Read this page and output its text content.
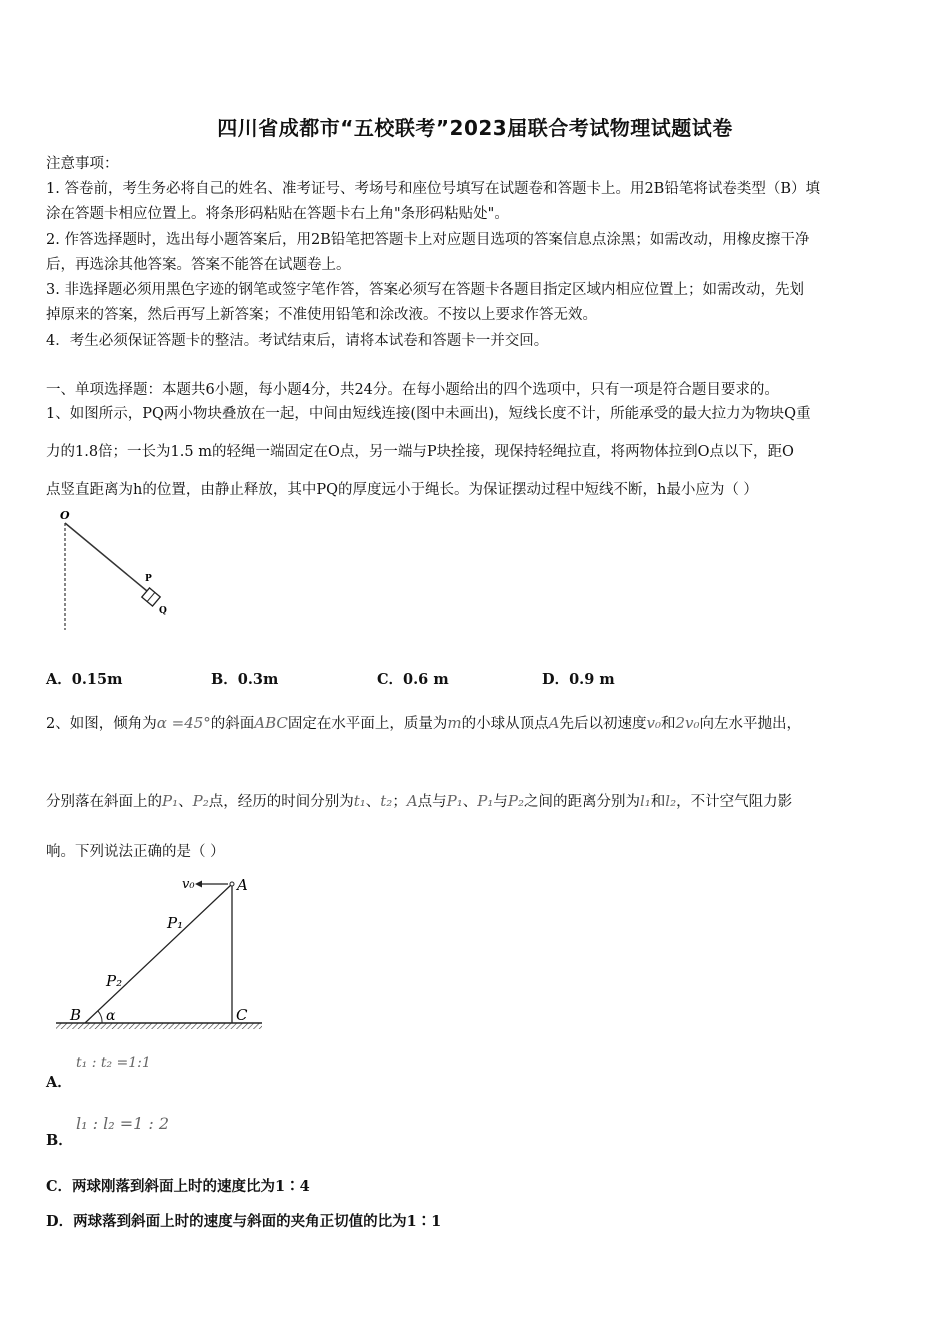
四川省成都市“五校联考”2023届联合考试物理试题试卷
注意事项：
1. 答卷前，考生务必将自己的姓名、准考证号、考场号和座位号填写在试题卷和答题卡上。用2B铅笔将试卷类型（B）填
涂在答题卡相应位置上。将条形码粘贴在答题卡右上角"条形码粘贴处"。
2. 作答选择题时，选出每小题答案后，用2B铅笔把答题卡上对应题目选项的答案信息点涂黑；如需改动，用橡皮擦干净
后，再选涂其他答案。答案不能答在试题卷上。
3. 非选择题必须用黑色字迹的钢笔或签字笔作答，答案必须写在答题卡各题目指定区域内相应位置上；如需改动，先划
掉原来的答案，然后再写上新答案；不准使用铅笔和涂改液。不按以上要求作答无效。
4．考生必须保证答题卡的整洁。考试结束后，请将本试卷和答题卡一并交回。
一、单项选择题：本题共6小题，每小题4分，共24分。在每小题给出的四个选项中，只有一项是符合题目要求的。
1、如图所示，PQ两小物块叠放在一起，中间由短线连接(图中未画出)，短线长度不计，所能承受的最大拉力为物块Q重
力的1.8倍；一长为1.5 m的轻绳一端固定在O点，另一端与P块拴接，现保持轻绳拉直，将两物体拉到O点以下，距O
点竖直距离为h的位置，由静止释放，其中PQ的厚度远小于绳长。为保证摆动过程中短线不断，h最小应为（ ）
O
P
Q
A．0.15m	B．0.3m	C．0.6 m	D．0.9 m
2、如图，倾角为α =45°的斜面ABC固定在水平面上，质量为m的小球从顶点A先后以初速度v₀和2v₀向左水平抛出，
分别落在斜面上的P₁、P₂点，经历的时间分别为t₁、t₂；A点与P₁、P₁与P₂之间的距离分别为l₁和l₂，不计空气阻力影
响。下列说法正确的是（ ）
v₀	A
P₁
P₂
B α	C
A．
t₁ : t₂ =1:1
B．
l₁ : l₂ =1 : 2
C．两球刚落到斜面上时的速度比为1∶4
D．两球落到斜面上时的速度与斜面的夹角正切值的比为1∶1
